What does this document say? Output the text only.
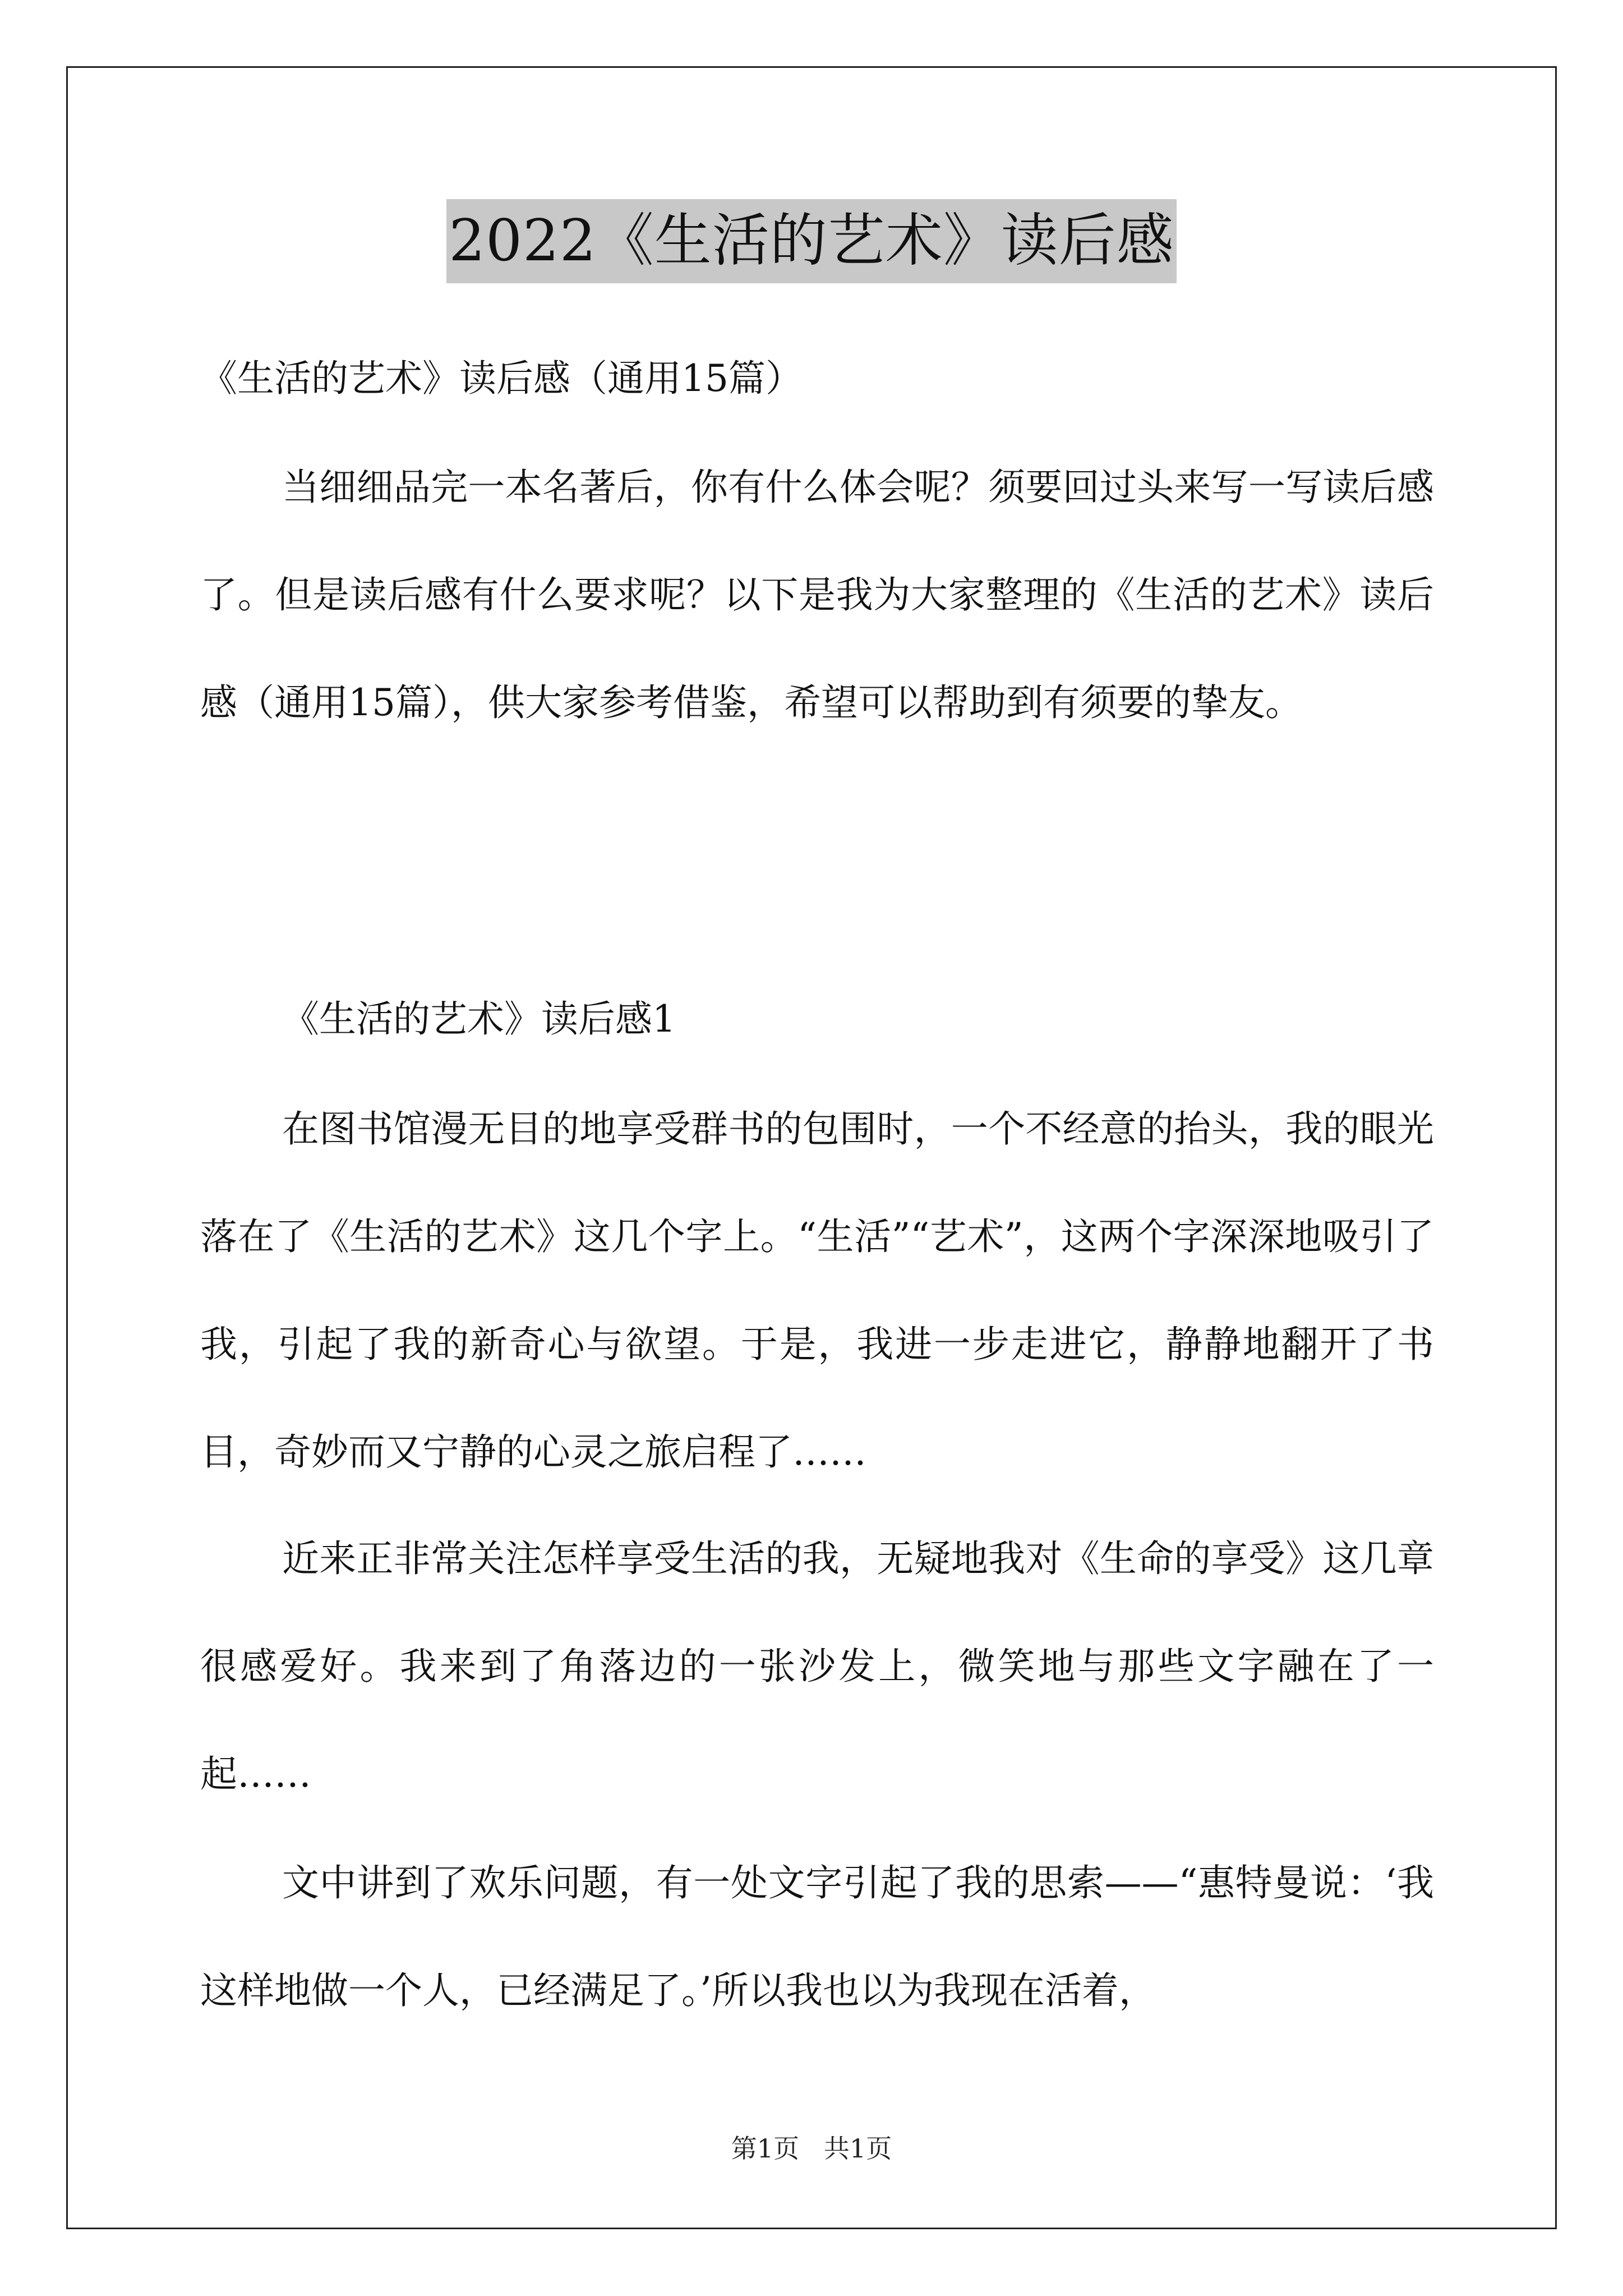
2022《生活的艺术》读后感
《生活的艺术》读后感（通用15篇）

当细细品完一本名著后，你有什么体会呢？须要回过头来写一写读后感了。但是读后感有什么要求呢？以下是我为大家整理的《生活的艺术》读后感（通用15篇），供大家参考借鉴，希望可以帮助到有须要的挚友。

《生活的艺术》读后感1

在图书馆漫无目的地享受群书的包围时，一个不经意的抬头，我的眼光落在了《生活的艺术》这几个字上。“生活”“艺术”，这两个字深深地吸引了我，引起了我的新奇心与欲望。于是，我进一步走进它，静静地翻开了书目，奇妙而又宁静的心灵之旅启程了……

近来正非常关注怎样享受生活的我，无疑地我对《生命的享受》这几章很感爱好。我来到了角落边的一张沙发上，微笑地与那些文字融在了一起……

文中讲到了欢乐问题，有一处文字引起了我的思索——“惠特曼说：‘我这样地做一个人，已经满足了。’所以我也以为我现在活着，

第1页   共1页
